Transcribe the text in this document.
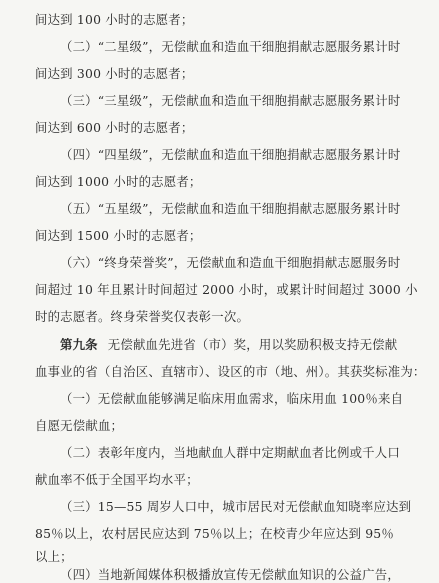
间达到 100 小时的志愿者；
（二）“二星级”，无偿献血和造血干细胞捐献志愿服务累计时
间达到 300 小时的志愿者；
（三）“三星级”，无偿献血和造血干细胞捐献志愿服务累计时
间达到 600 小时的志愿者；
（四）“四星级”，无偿献血和造血干细胞捐献志愿服务累计时
间达到 1000 小时的志愿者；
（五）“五星级”，无偿献血和造血干细胞捐献志愿服务累计时
间达到 1500 小时的志愿者；
（六）“终身荣誉奖”，无偿献血和造血干细胞捐献志愿服务时
间超过 10 年且累计时间超过 2000 小时，或累计时间超过 3000 小
时的志愿者。终身荣誉奖仅表彰一次。
第九条 无偿献血先进省（市）奖，用以奖励积极支持无偿献
血事业的省（自治区、直辖市）、设区的市（地、州）。其获奖标准为：
（一）无偿献血能够满足临床用血需求，临床用血 100％来自
自愿无偿献血；
（二）表彰年度内，当地献血人群中定期献血者比例或千人口
献血率不低于全国平均水平；
（三）15—55 周岁人口中，城市居民对无偿献血知晓率应达到
85％以上，农村居民应达到 75％以上；在校青少年应达到 95％
以上；
（四）当地新闻媒体积极播放宣传无偿献血知识的公益广告，
